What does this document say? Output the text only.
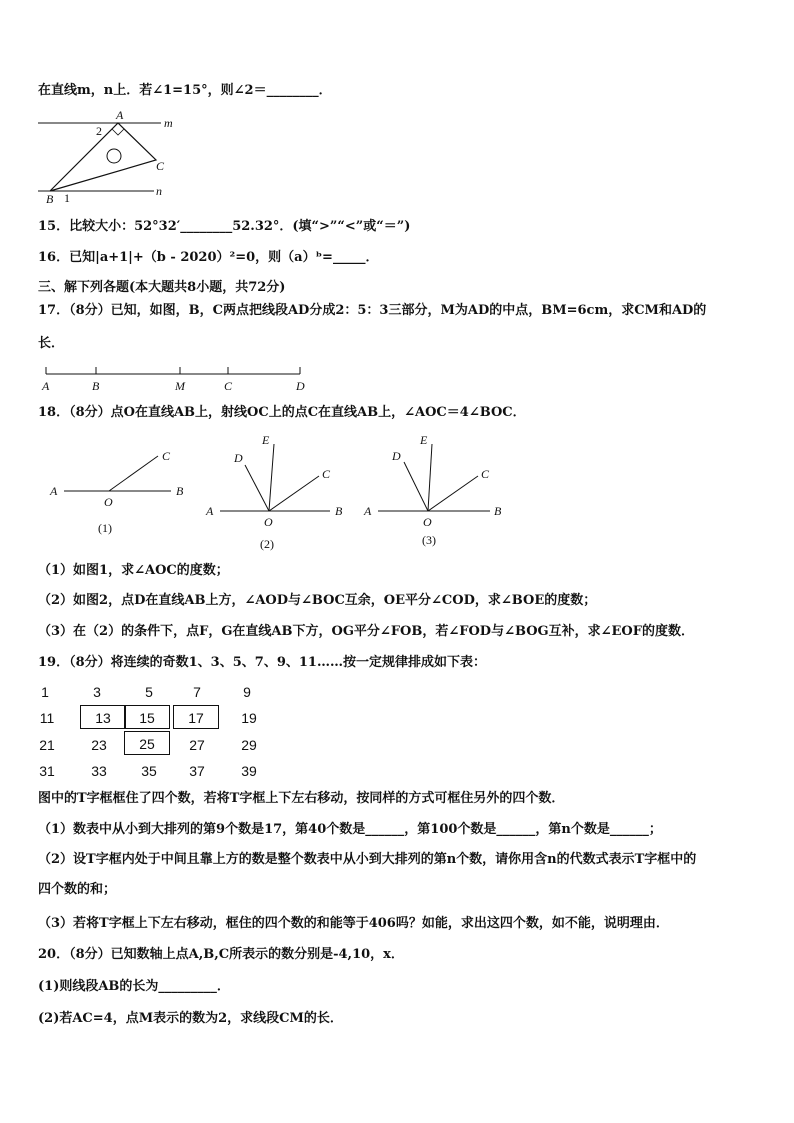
在直线m，n上．若∠1=15°，则∠2＝________．
A
m
n
B
C
1
2
15．比较大小：52°32′________52.32°．(填“>”“<”或“＝”)
16．已知|a+1|+（b - 2020）²=0，则（a）ᵇ=_____．
三、解下列各题(本大题共8小题，共72分)
17．（8分）已知，如图，B，C两点把线段AD分成2：5：3三部分，M为AD的中点，BM=6cm，求CM和AD的
长．
A	B	M	C	D
18．（8分）点O在直线AB上，射线OC上的点C在直线AB上，∠AOC＝4∠BOC．
A	B
C
O
(1)
A	B
C
D
E
O
(2)
A	B
C
D
E
O
(3)
（1）如图1，求∠AOC的度数；
（2）如图2，点D在直线AB上方，∠AOD与∠BOC互余，OE平分∠COD，求∠BOE的度数；
（3）在（2）的条件下，点F，G在直线AB下方，OG平分∠FOB，若∠FOD与∠BOG互补，求∠EOF的度数．
19．（8分）将连续的奇数1、3、5、7、9、11……按一定规律排成如下表：
1	3	5	7	9
11	13	15	17	19
21	23	25	27	29
31	33	35	37	39
图中的T字框框住了四个数，若将T字框上下左右移动，按同样的方式可框住另外的四个数．
（1）数表中从小到大排列的第9个数是17，第40个数是______，第100个数是______，第n个数是______；
（2）设T字框内处于中间且靠上方的数是整个数表中从小到大排列的第n个数，请你用含n的代数式表示T字框中的
四个数的和；
（3）若将T字框上下左右移动，框住的四个数的和能等于406吗？如能，求出这四个数，如不能，说明理由．
20．（8分）已知数轴上点A,B,C所表示的数分别是-4,10，x．
(1)则线段AB的长为_________．
(2)若AC=4，点M表示的数为2，求线段CM的长．
